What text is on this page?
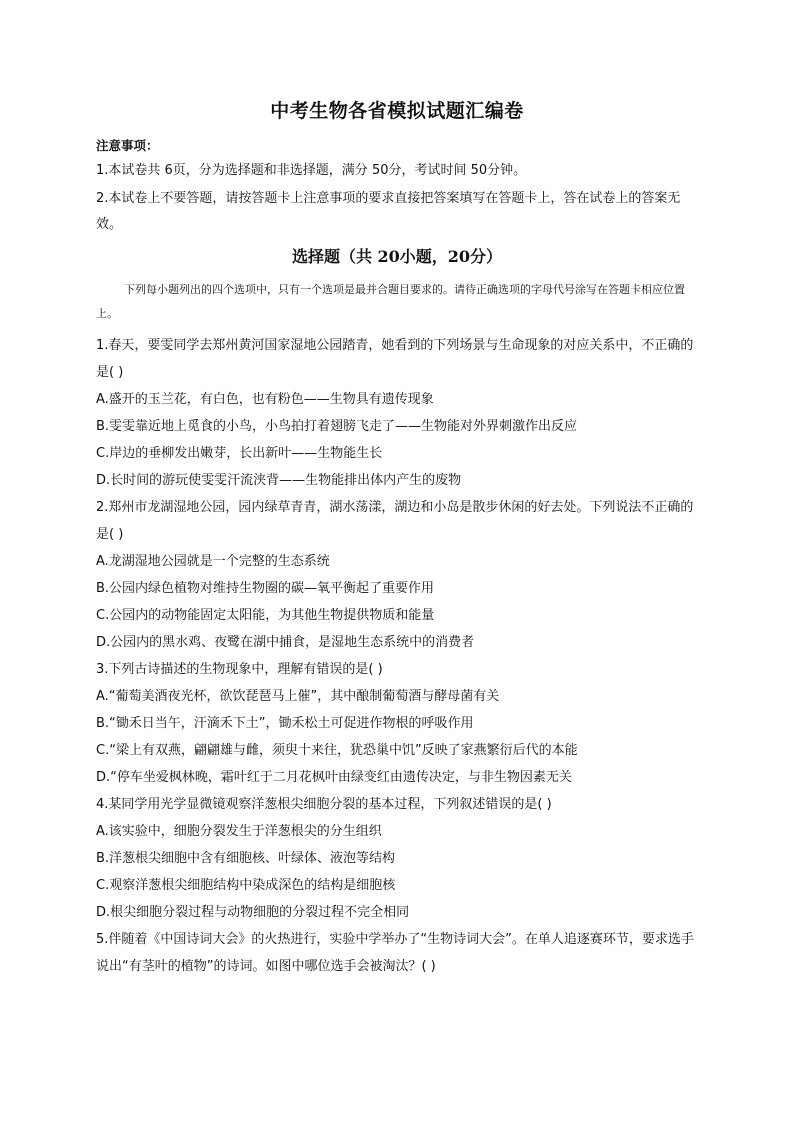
中考生物各省模拟试题汇编卷
注意事项：
1.本试卷共 6页，分为选择题和非选择题，满分 50分，考试时间 50分钟。
2.本试卷上不要答题，请按答题卡上注意事项的要求直接把答案填写在答题卡上，答在试卷上的答案无效。
选择题（共 20小题，20分）
下列每小题列出的四个选项中，只有一个选项是最并合题目要求的。请待正确选项的字母代号涂写在答题卡相应位置上。
1.春天，要雯同学去郑州黄河国家湿地公园踏青，她看到的下列场景与生命现象的对应关系中，不正确的是( )
A.盛开的玉兰花，有白色，也有粉色——生物具有遗传现象
B.雯雯靠近地上觅食的小鸟，小鸟拍打着翅膀飞走了——生物能对外界刺激作出反应
C.岸边的垂柳发出嫩芽，长出新叶——生物能生长
D.长时间的游玩使雯雯汗流浃背——生物能排出体内产生的废物
2.郑州市龙湖湿地公园，园内绿草青青，湖水荡漾，湖边和小岛是散步休闲的好去处。下列说法不正确的是( )
A.龙湖湿地公园就是一个完整的生态系统
B.公园内绿色植物对维持生物圈的碳—氧平衡起了重要作用
C.公园内的动物能固定太阳能，为其他生物提供物质和能量
D.公园内的黑水鸡、夜鹭在湖中捕食，是湿地生态系统中的消费者
3.下列古诗描述的生物现象中，理解有错误的是( )
A.“葡萄美酒夜光杯，欲饮琵琶马上催”，其中酿制葡萄酒与酵母菌有关
B.“锄禾日当午，汗滴禾下土”，锄禾松土可促进作物根的呼吸作用
C.“梁上有双燕，翩翩雄与雌，须臾十来往，犹恐巢中饥”反映了家燕繁衍后代的本能
D.“停车坐爱枫林晚，霜叶红于二月花枫叶由绿变红由遗传决定，与非生物因素无关
4.某同学用光学显微镜观察洋葱根尖细胞分裂的基本过程，下列叙述错误的是( )
A.该实验中，细胞分裂发生于洋葱根尖的分生组织
B.洋葱根尖细胞中含有细胞核、叶绿体、液泡等结构
C.观察洋葱根尖细胞结构中染成深色的结构是细胞核
D.根尖细胞分裂过程与动物细胞的分裂过程不完全相同
5.伴随着《中国诗词大会》的火热进行，实验中学举办了“生物诗词大会”。在单人追逐赛环节，要求选手说出“有茎叶的植物”的诗词。如图中哪位选手会被淘汰？( )
